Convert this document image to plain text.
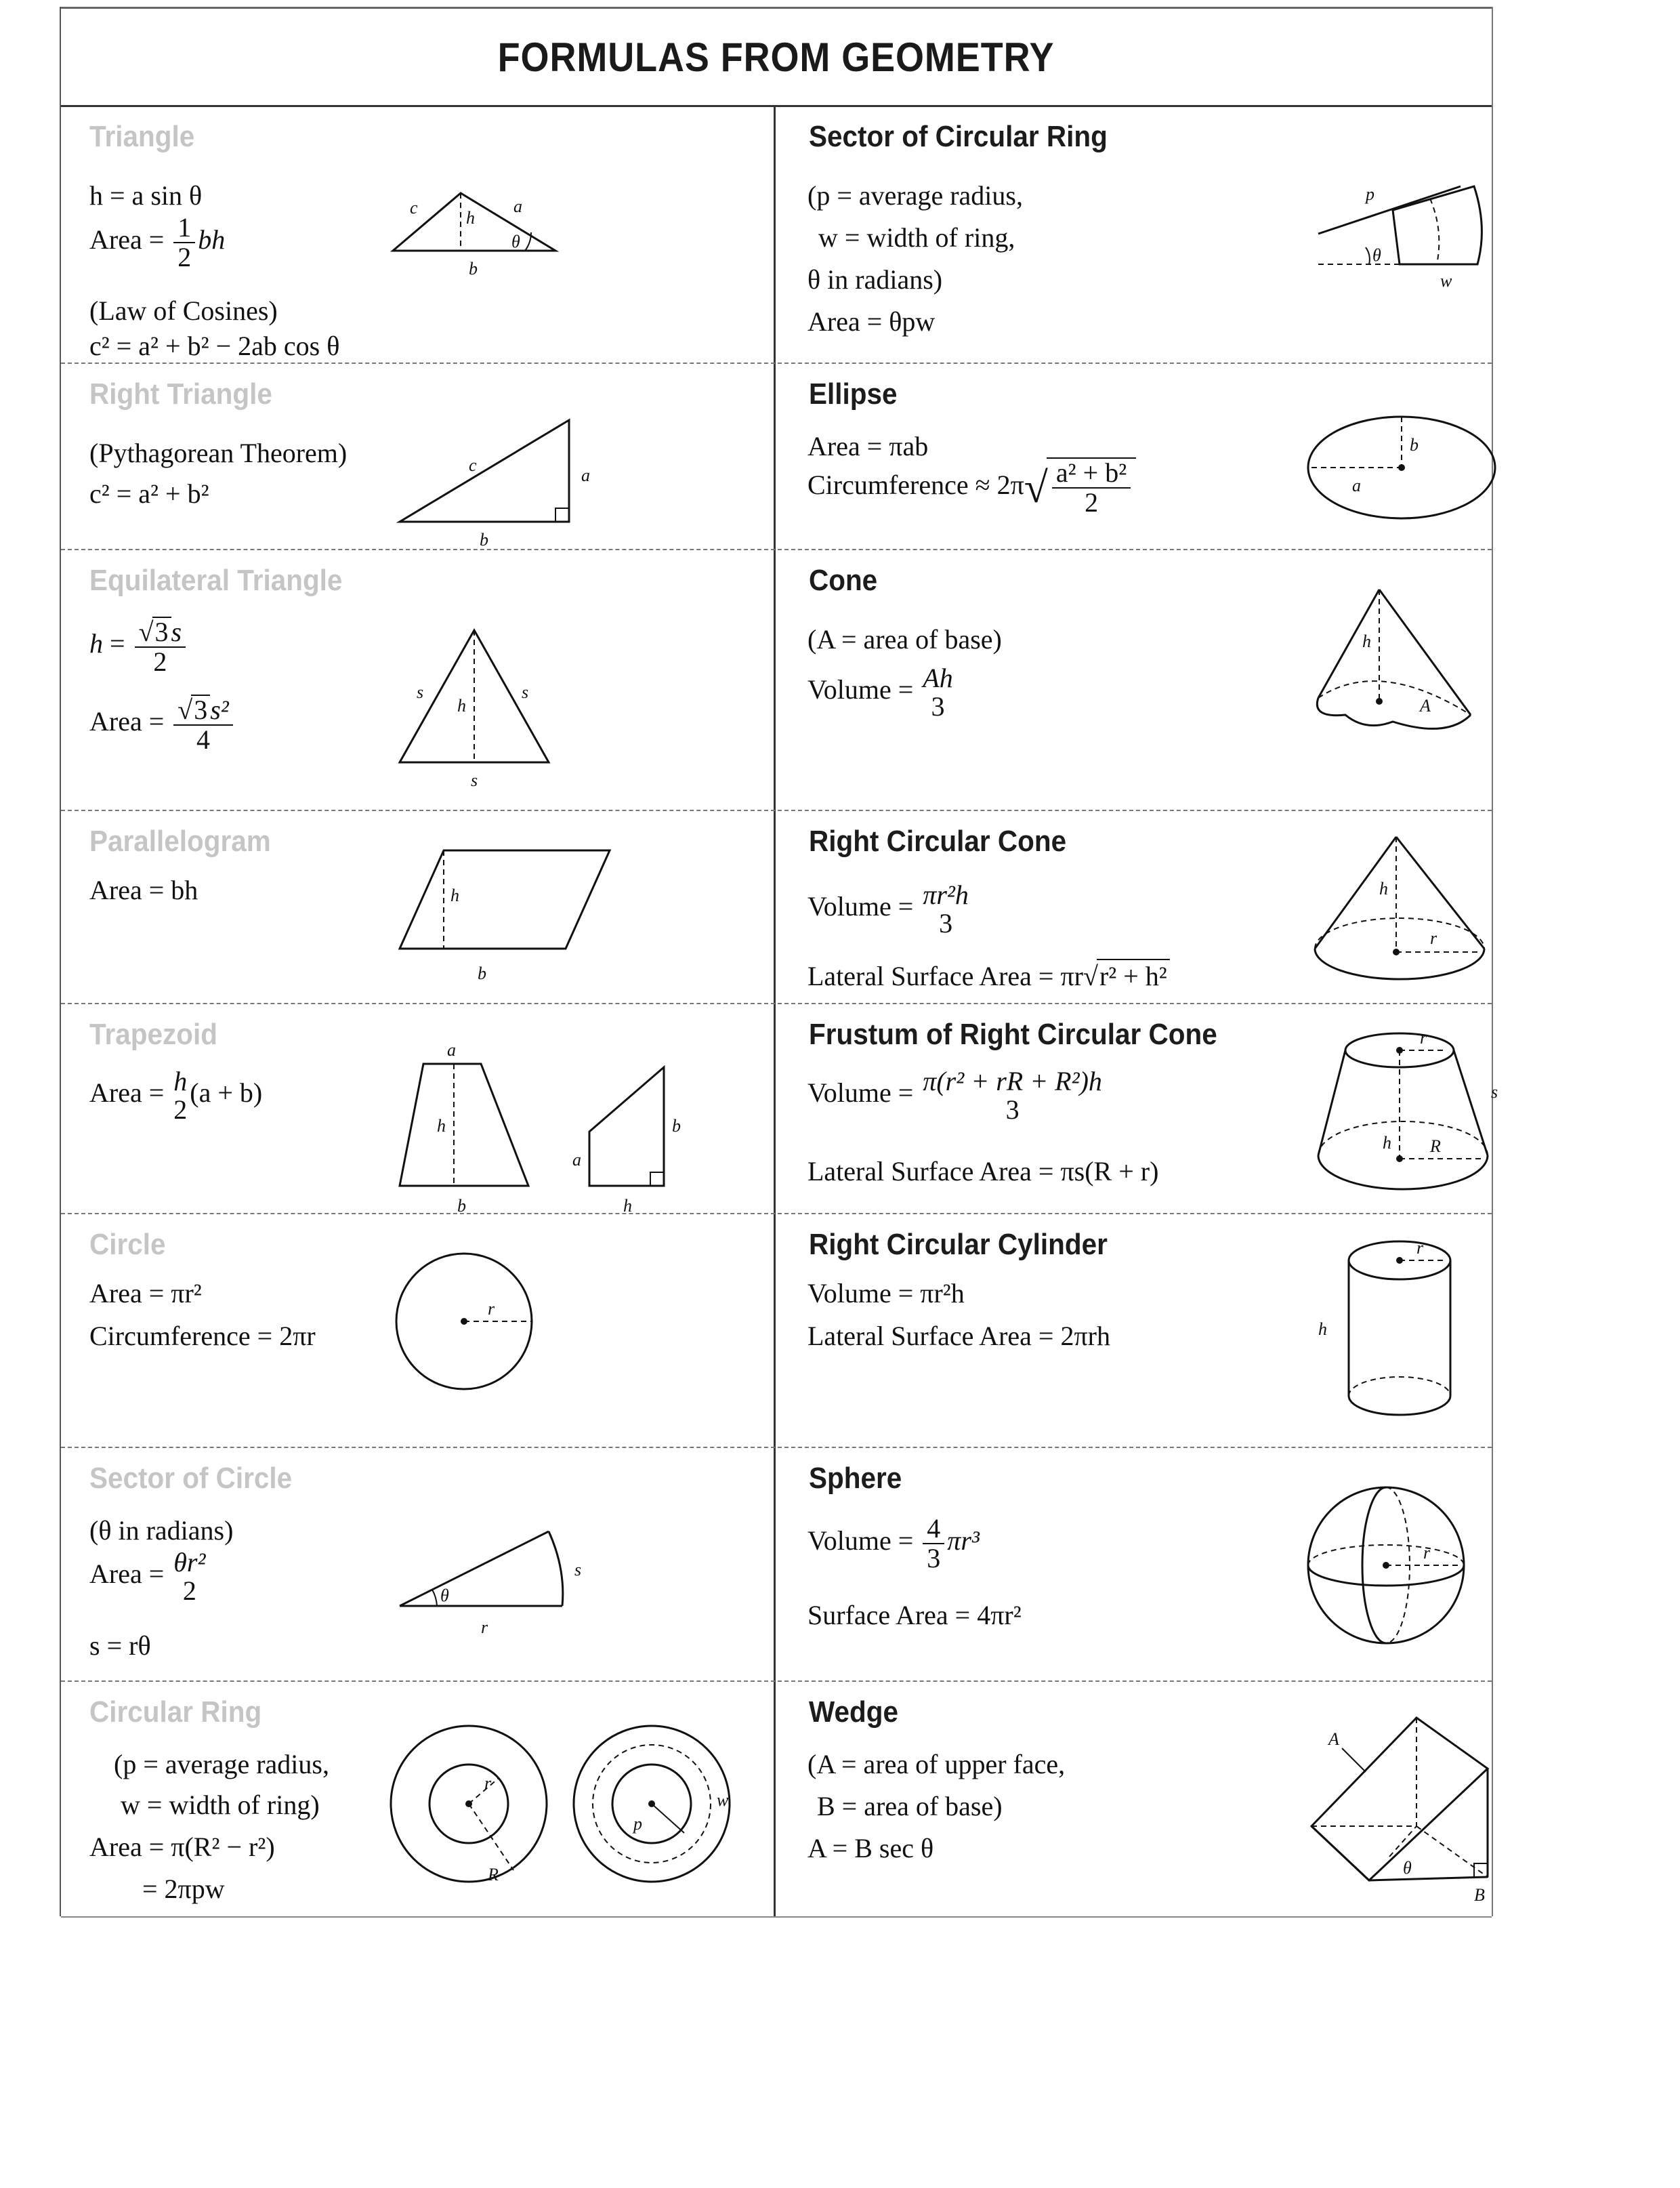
FORMULAS FROM GEOMETRY
Triangle
h = a sin θ
Area = $\frac{1}{2}$ bh
(Law of Cosines)
c² = a² + b² − 2ab cos θ
c
h
a
θ
b
Sector of Circular Ring
(p = average radius,
w = width of ring,
θ in radians)
Area = θpw
p
θ
w
Right Triangle
(Pythagorean Theorem)
c² = a² + b²
c
a
b
Ellipse
Area = πab
Circumference ≈ $2\pi√ \frac{\text{a² + b²}}{2}$	a
b
Equilateral Triangle
$h = \frac{√3 s}{2}$
Area = $\frac{\text{√3 s²}}{4}$
s	s
h
s
Cone
(A = area of base)
Volume = Ah
3
h
A
Parallelogram
Area = bh	h
b
Right Circular Cone
Volume = πr²h
3
Lateral Surface Area = πr√r² + h²
h
r
Trapezoid
Area = h
2
(a + b)
a
h
b
a
b
h
Frustum of Right Circular Cone
Volume = π(r² + rR + R²)h
3
Lateral Surface Area = πs(R + r)
r
s
h R
Circle
Area = πr²
Circumference = 2πr
r
Right Circular Cylinder
Volume = πr²h
Lateral Surface Area = 2πrh
r
h
Sector of Circle
(θ in radians)
Area = θr²
2
s = rθ
θ
s
r
Sphere
Volume = $\frac{4}{3} \pi r^3$
Surface Area = 4πr²
r
Circular Ring
(p = average radius,
w = width of ring)
Area = π(R² − r²)
= 2πpw
r
R
p
w
Wedge
(A = area of upper face,
B = area of base)
A = B sec θ
A
θ
B
